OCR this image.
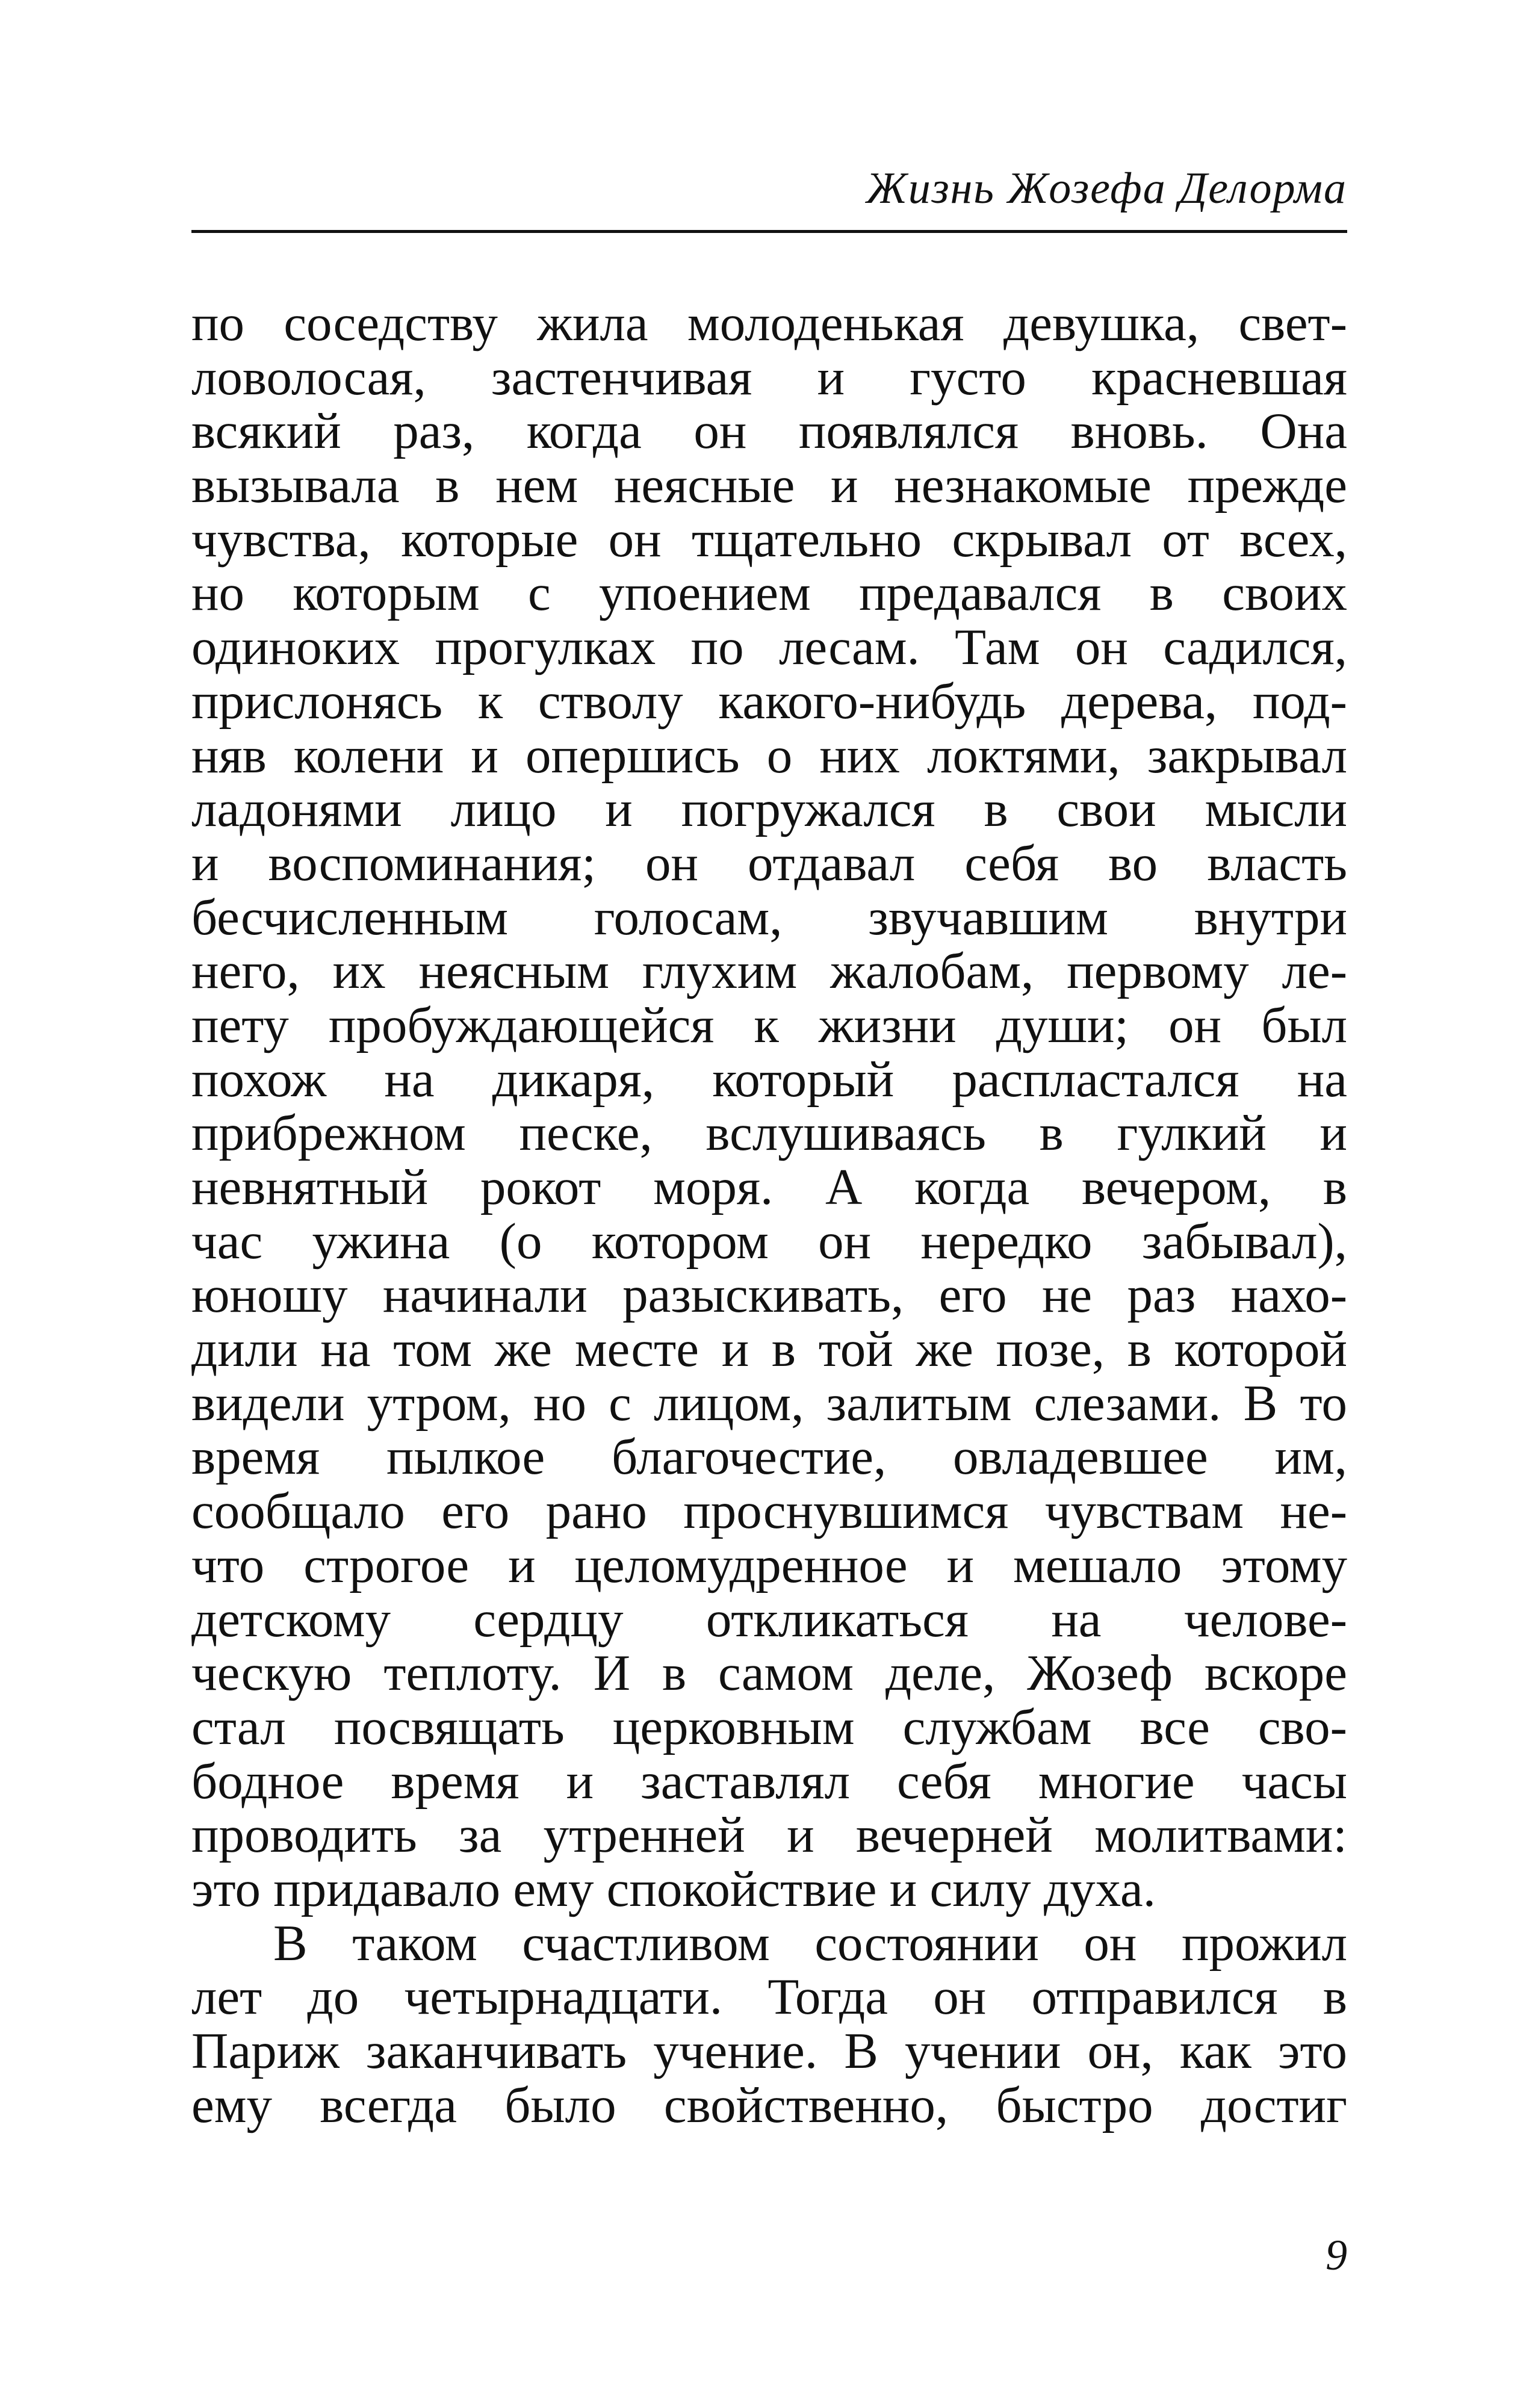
Жизнь Жозефа Делорма
по соседству жила молоденькая девушка, свет-
ловолосая, застенчивая и густо красневшая
всякий раз, когда он появлялся вновь. Она
вызывала в нем неясные и незнакомые прежде
чувства, которые он тщательно скрывал от всех,
но которым с упоением предавался в своих
одиноких прогулках по лесам. Там он садился,
прислонясь к стволу какого-нибудь дерева, под-
няв колени и опершись о них локтями, закрывал
ладонями лицо и погружался в свои мысли
и воспоминания; он отдавал себя во власть
бесчисленным голосам, звучавшим внутри
него, их неясным глухим жалобам, первому ле-
пету пробуждающейся к жизни души; он был
похож на дикаря, который распластался на
прибрежном песке, вслушиваясь в гулкий и
невнятный рокот моря. А когда вечером, в
час ужина (о котором он нередко забывал),
юношу начинали разыскивать, его не раз нахо-
дили на том же месте и в той же позе, в которой
видели утром, но с лицом, залитым слезами. В то
время пылкое благочестие, овладевшее им,
сообщало его рано проснувшимся чувствам не-
что строгое и целомудренное и мешало этому
детскому сердцу откликаться на челове-
ческую теплоту. И в самом деле, Жозеф вскоре
стал посвящать церковным службам все сво-
бодное время и заставлял себя многие часы
проводить за утренней и вечерней молитвами:
это придавало ему спокойствие и силу духа.
В таком счастливом состоянии он прожил
лет до четырнадцати. Тогда он отправился в
Париж заканчивать учение. В учении он, как это
ему всегда было свойственно, быстро достиг
9
